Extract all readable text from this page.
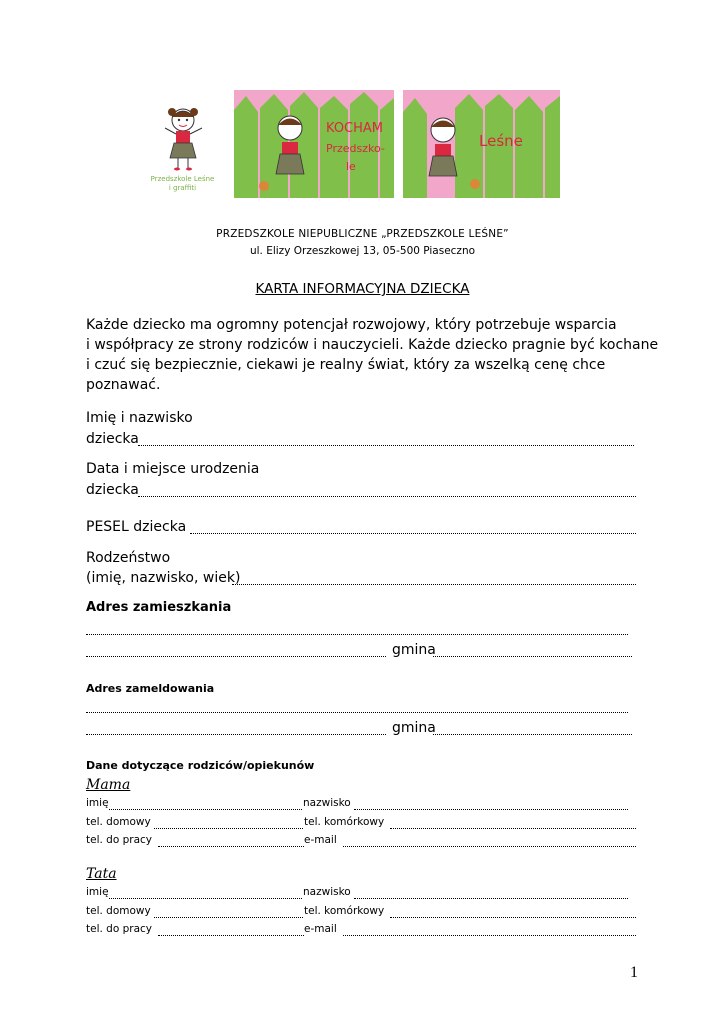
Przedszkole Leśne
i graffiti
KOCHAM
Przedszko-
le
Leśne
PRZEDSZKOLE NIEPUBLICZNE „PRZEDSZKOLE LEŚNE”
ul. Elizy Orzeszkowej 13, 05-500 Piaseczno
KARTA INFORMACYJNA DZIECKA
Każde dziecko ma ogromny potencjał rozwojowy, który potrzebuje wsparcia
i współpracy ze strony rodziców i nauczycieli. Każde dziecko pragnie być kochane
i czuć się bezpiecznie, ciekawi je realny świat, który za wszelką cenę chce
poznawać.
Imię i nazwisko
dziecka
Data i miejsce urodzenia
dziecka
PESEL dziecka
Rodzeństwo
(imię, nazwisko, wiek)
Adres zamieszkania
gmina
Adres zameldowania
gmina
Dane dotyczące rodziców/opiekunów
Mama
imię	nazwisko
tel. domowy	tel. komórkowy
tel. do pracy	e-mail
Tata
imię	nazwisko
tel. domowy	tel. komórkowy
tel. do pracy	e-mail
1
